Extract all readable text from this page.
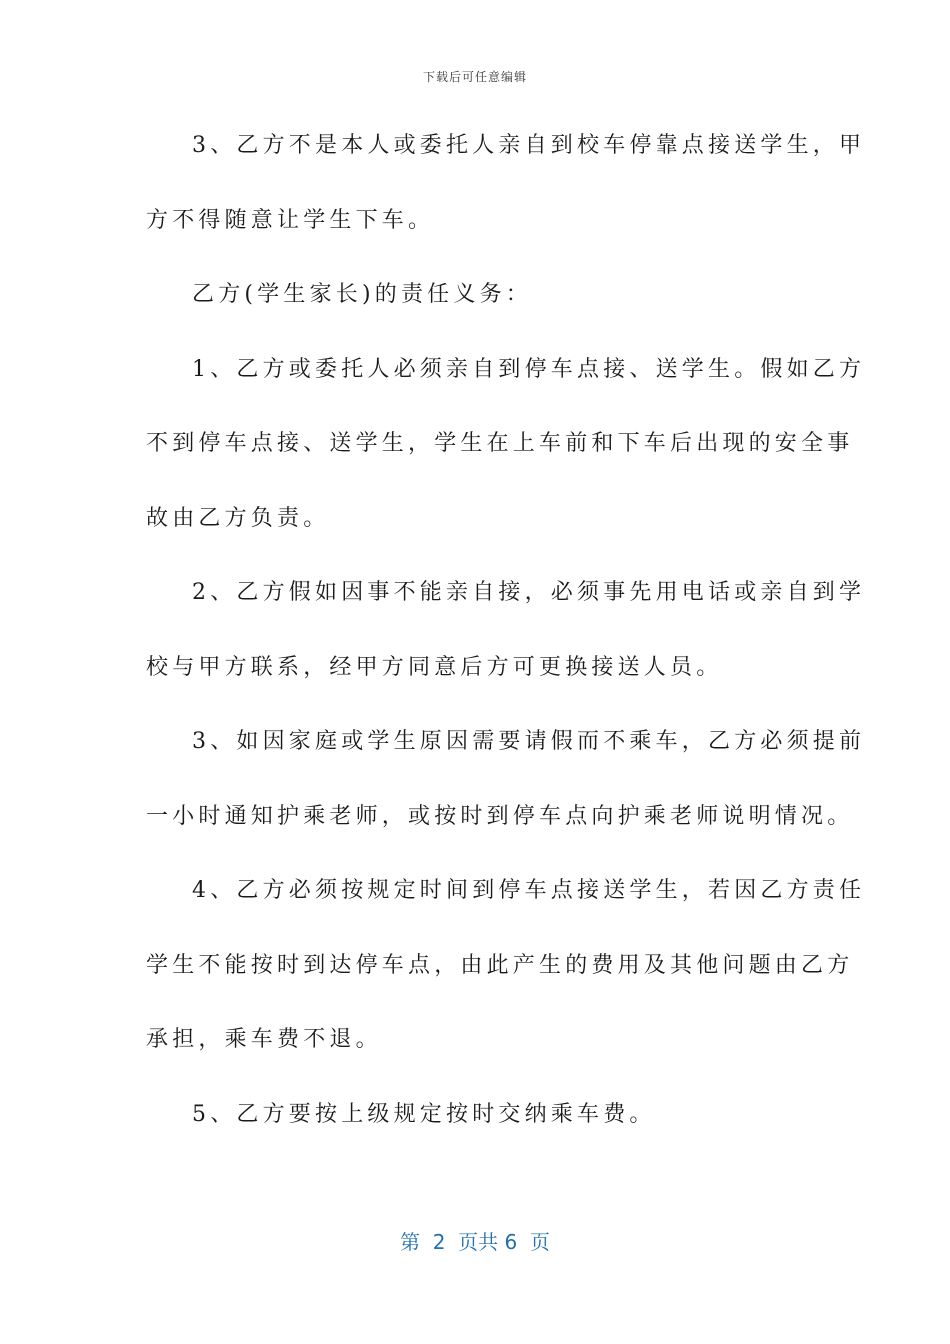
下载后可任意编辑
3、乙方不是本人或委托人亲自到校车停靠点接送学生，甲
方不得随意让学生下车。
乙方(学生家长)的责任义务：
1、乙方或委托人必须亲自到停车点接、送学生。假如乙方
不到停车点接、送学生，学生在上车前和下车后出现的安全事
故由乙方负责。
2、乙方假如因事不能亲自接，必须事先用电话或亲自到学
校与甲方联系，经甲方同意后方可更换接送人员。
3、如因家庭或学生原因需要请假而不乘车，乙方必须提前
一小时通知护乘老师，或按时到停车点向护乘老师说明情况。
4、乙方必须按规定时间到停车点接送学生，若因乙方责任
学生不能按时到达停车点，由此产生的费用及其他问题由乙方
承担，乘车费不退。
5、乙方要按上级规定按时交纳乘车费。
第  2  页共 6  页
